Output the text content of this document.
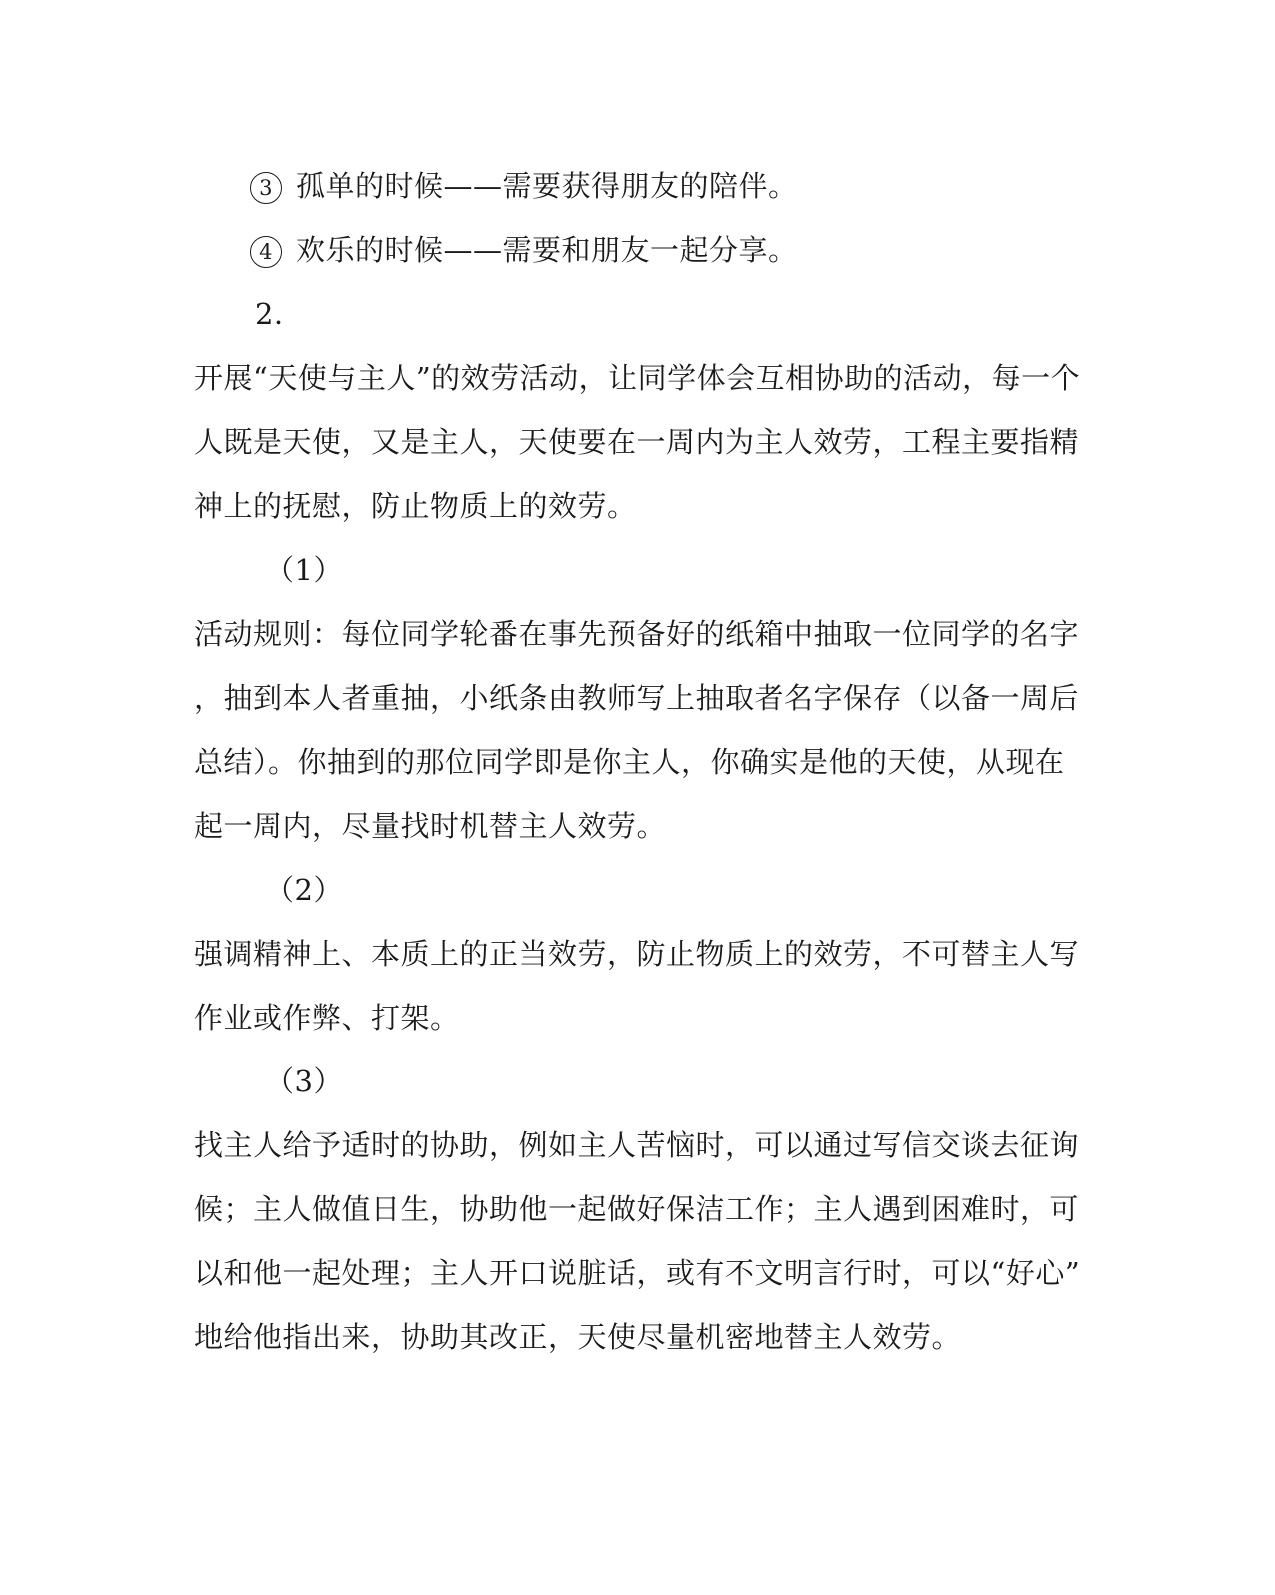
3 孤单的时候——需要获得朋友的陪伴。
4 欢乐的时候——需要和朋友一起分享。
2．
开展“天使与主人”的效劳活动，让同学体会互相协助的活动，每一个
人既是天使，又是主人，天使要在一周内为主人效劳，工程主要指精
神上的抚慰，防止物质上的效劳。
（1）
活动规则：每位同学轮番在事先预备好的纸箱中抽取一位同学的名字
，抽到本人者重抽，小纸条由教师写上抽取者名字保存（以备一周后
总结）。你抽到的那位同学即是你主人，你确实是他的天使，从现在
起一周内，尽量找时机替主人效劳。
（2）
强调精神上、本质上的正当效劳，防止物质上的效劳，不可替主人写
作业或作弊、打架。
（3）
找主人给予适时的协助，例如主人苦恼时，可以通过写信交谈去征询
候；主人做值日生，协助他一起做好保洁工作；主人遇到困难时，可
以和他一起处理；主人开口说脏话，或有不文明言行时，可以“好心”
地给他指出来，协助其改正，天使尽量机密地替主人效劳。
